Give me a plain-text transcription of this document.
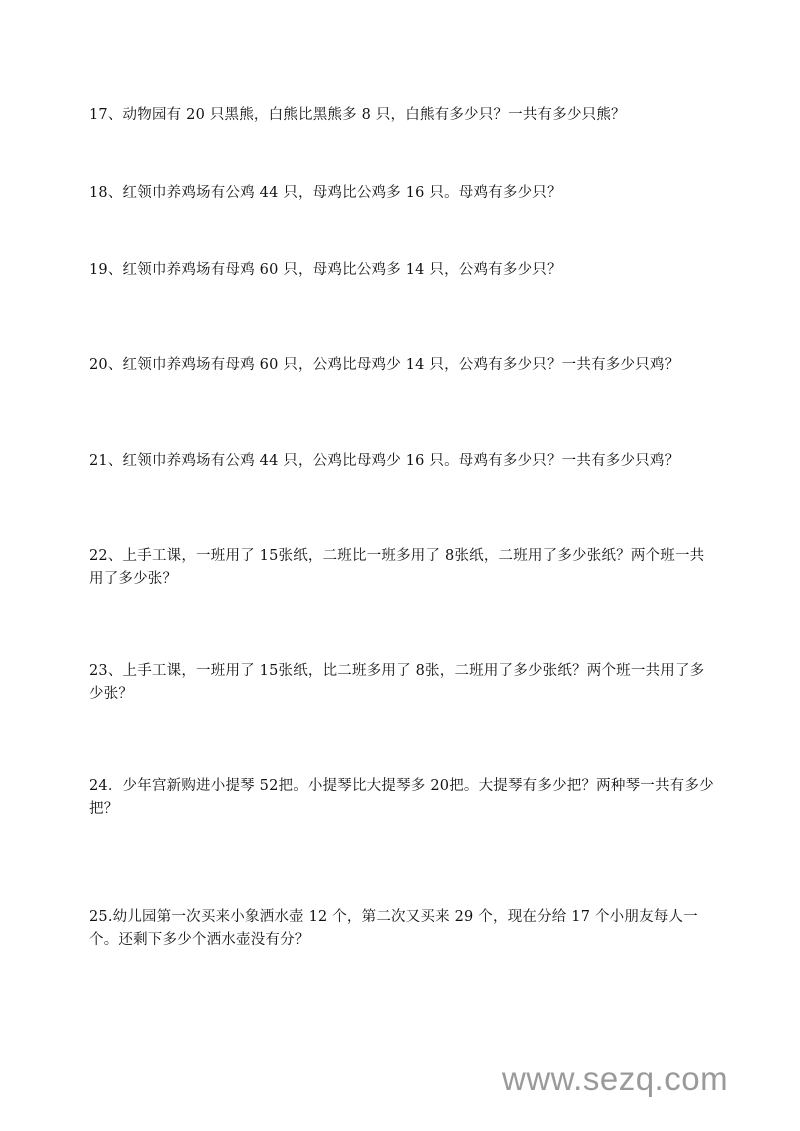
17、动物园有 20 只黑熊，白熊比黑熊多 8 只，白熊有多少只？一共有多少只熊？
18、红领巾养鸡场有公鸡 44 只，母鸡比公鸡多 16 只。母鸡有多少只？
19、红领巾养鸡场有母鸡 60 只，母鸡比公鸡多 14 只，公鸡有多少只？
20、红领巾养鸡场有母鸡 60 只，公鸡比母鸡少 14 只，公鸡有多少只？一共有多少只鸡？
21、红领巾养鸡场有公鸡 44 只，公鸡比母鸡少 16 只。母鸡有多少只？一共有多少只鸡？
22、上手工课，一班用了 15张纸，二班比一班多用了 8张纸，二班用了多少张纸？两个班一共用了多少张？
23、上手工课，一班用了 15张纸，比二班多用了 8张，二班用了多少张纸？两个班一共用了多少张？
24．少年宫新购进小提琴 52把。小提琴比大提琴多 20把。大提琴有多少把？两种琴一共有多少把？
25.幼儿园第一次买来小象洒水壶 12 个，第二次又买来 29 个，现在分给 17 个小朋友每人一个。还剩下多少个洒水壶没有分？
www.sezq.com
